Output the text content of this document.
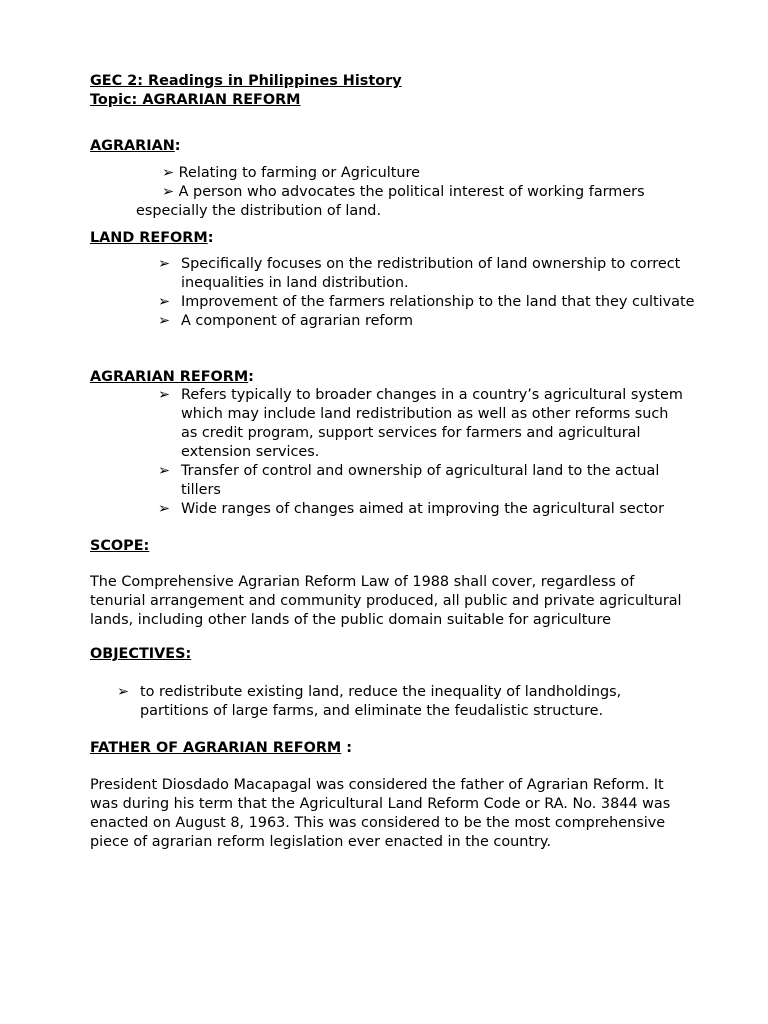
GEC 2: Readings in Philippines History
Topic: AGRARIAN REFORM
AGRARIAN:
➢ Relating to farming or Agriculture
➢ A person who advocates the political interest of working farmers
especially the distribution of land.
LAND REFORM:
➢ Specifically focuses on the redistribution of land ownership to correct inequalities in land distribution.
➢ Improvement of the farmers relationship to the land that they cultivate
➢ A component of agrarian reform
AGRARIAN REFORM:
➢ Refers typically to broader changes in a country’s agricultural system which may include land redistribution as well as other reforms such as credit program, support services for farmers and agricultural extension services.
➢ Transfer of control and ownership of agricultural land to the actual tillers
➢ Wide ranges of changes aimed at improving the agricultural sector
SCOPE:

The Comprehensive Agrarian Reform Law of 1988 shall cover, regardless of tenurial arrangement and community produced, all public and private agricultural lands, including other lands of the public domain suitable for agriculture

OBJECTIVES:
➢ to redistribute existing land, reduce the inequality of landholdings, partitions of large farms, and eliminate the feudalistic structure.
FATHER OF AGRARIAN REFORM :

President Diosdado Macapagal was considered the father of Agrarian Reform. It was during his term that the Agricultural Land Reform Code or RA. No. 3844 was enacted on August 8, 1963. This was considered to be the most comprehensive piece of agrarian reform legislation ever enacted in the country.
